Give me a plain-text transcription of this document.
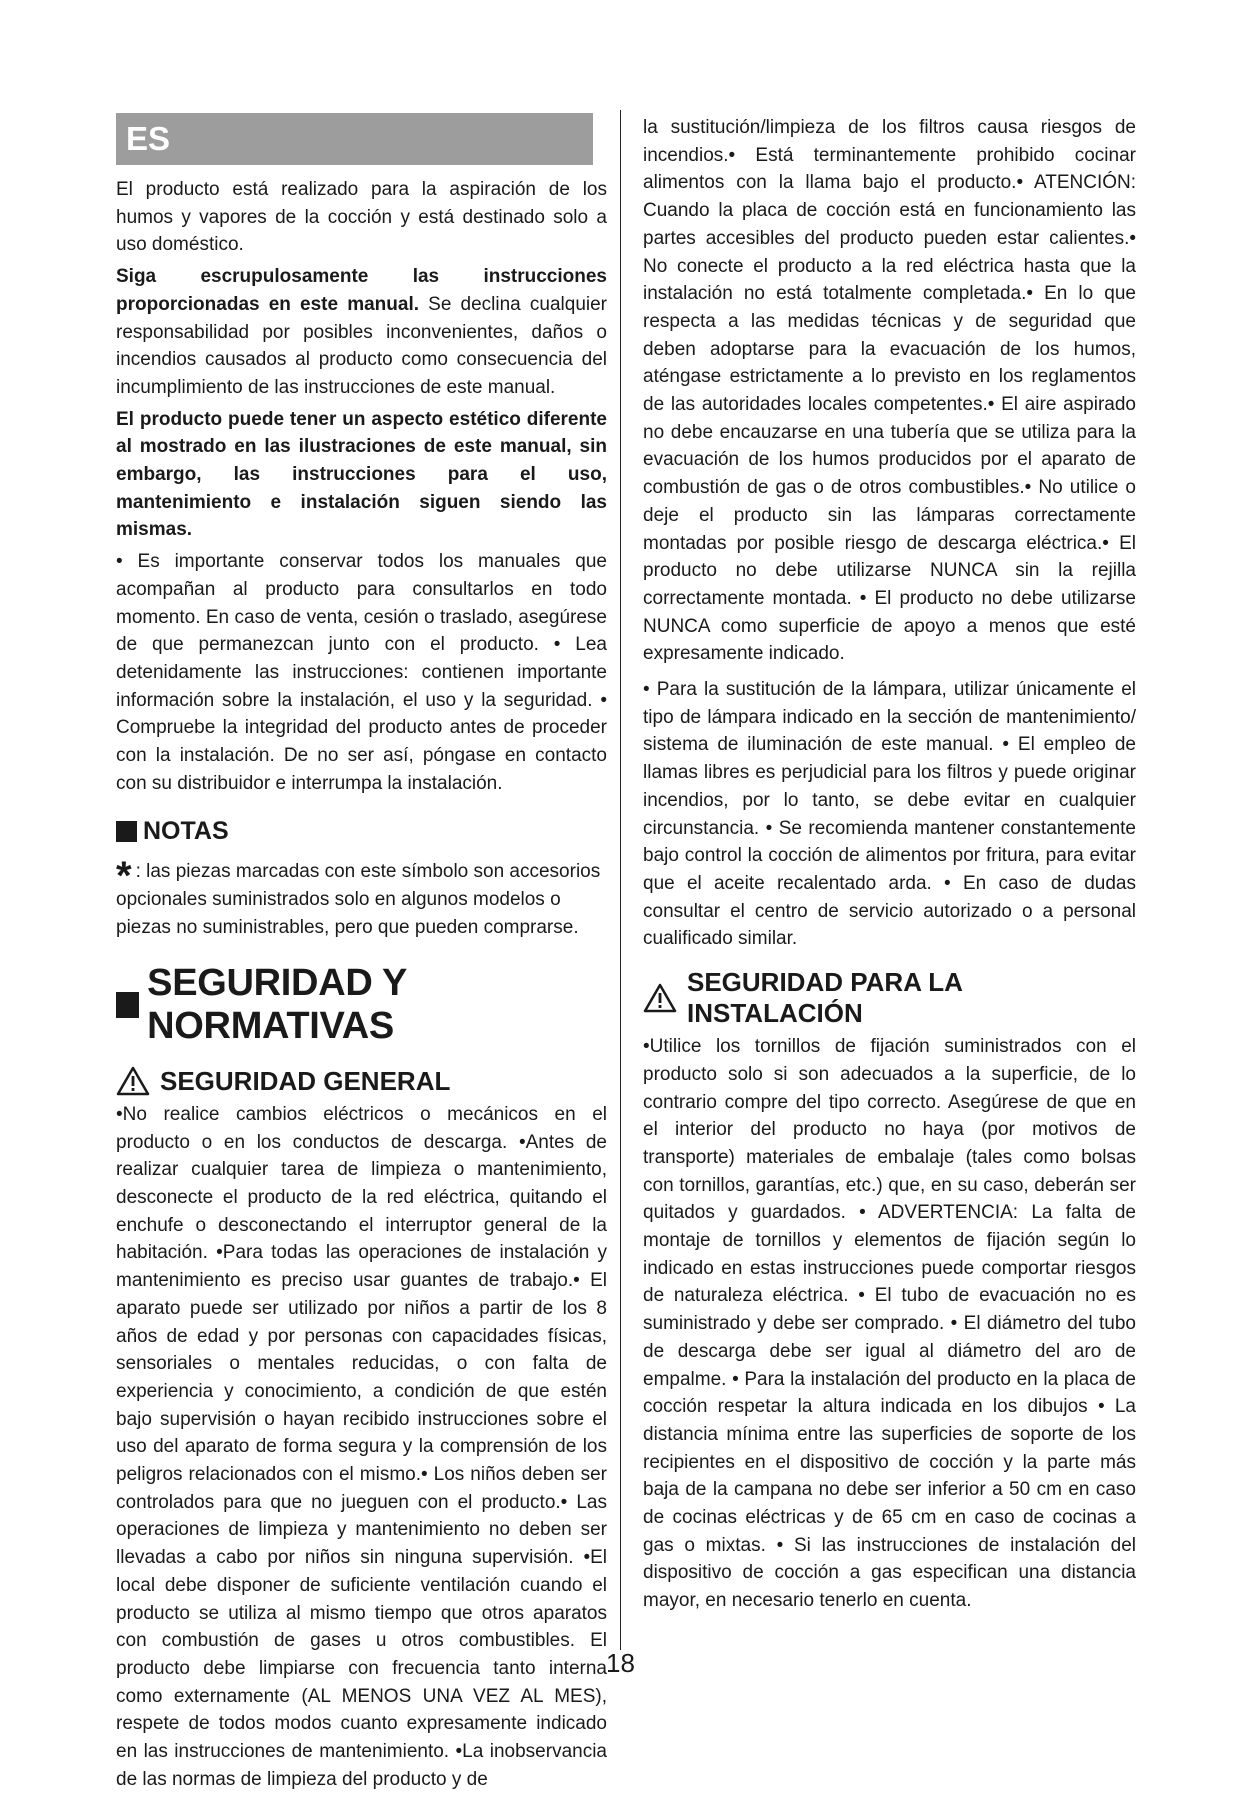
ES

El producto está realizado para la aspiración de los humos y vapores de la cocción y está destinado solo a uso doméstico.

Siga escrupulosamente las instrucciones proporcionadas en este manual. Se declina cualquier responsabilidad por posibles inconvenientes, daños o incendios causados al producto como consecuencia del incumplimiento de las instrucciones de este manual.

El producto puede tener un aspecto estético diferente al mostrado en las ilustraciones de este manual, sin embargo, las instrucciones para el uso, mantenimiento e instalación siguen siendo las mismas.

• Es importante conservar todos los manuales que acompañan al producto para consultarlos en todo momento. En caso de venta, cesión o traslado, asegúrese de que permanezcan junto con el producto. • Lea detenidamente las instrucciones: contienen importante información sobre la instalación, el uso y la seguridad. • Compruebe la integridad del producto antes de proceder con la instalación. De no ser así, póngase en contacto con su distribuidor e interrumpa la instalación.

NOTAS

* : las piezas marcadas con este símbolo son accesorios opcionales suministrados solo en algunos modelos o piezas no suministrables, pero que pueden comprarse.

SEGURIDAD Y NORMATIVAS
SEGURIDAD GENERAL

•No realice cambios eléctricos o mecánicos en el producto o en los conductos de descarga. •Antes de realizar cualquier tarea de limpieza o mantenimiento, desconecte el producto de la red eléctrica, quitando el enchufe o desconectando el interruptor general de la habitación. •Para todas las operaciones de instalación y mantenimiento es preciso usar guantes de trabajo.• El aparato puede ser utilizado por niños a partir de los 8 años de edad y por personas con capacidades físicas, sensoriales o mentales reducidas, o con falta de experiencia y conocimiento, a condición de que estén bajo supervisión o hayan recibido instrucciones sobre el uso del aparato de forma segura y la comprensión de los peligros relacionados con el mismo.• Los niños deben ser controlados para que no jueguen con el producto.• Las operaciones de limpieza y mantenimiento no deben ser llevadas a cabo por niños sin ninguna supervisión. •El local debe disponer de suficiente ventilación cuando el producto se utiliza al mismo tiempo que otros aparatos con combustión de gases u otros combustibles. El producto debe limpiarse con frecuencia tanto interna como externamente (AL MENOS UNA VEZ AL MES), respete de todos modos cuanto expresamente indicado en las instrucciones de mantenimiento. •La inobservancia de las normas de limpieza del producto y de

la sustitución/limpieza de los filtros causa riesgos de incendios.• Está terminantemente prohibido cocinar alimentos con la llama bajo el producto.• ATENCIÓN: Cuando la placa de cocción está en funcionamiento las partes accesibles del producto pueden estar calientes.• No conecte el producto a la red eléctrica hasta que la instalación no está totalmente completada.• En lo que respecta a las medidas técnicas y de seguridad que deben adoptarse para la evacuación de los humos, aténgase estrictamente a lo previsto en los reglamentos de las autoridades locales competentes.• El aire aspirado no debe encauzarse en una tubería que se utiliza para la evacuación de los humos producidos por el aparato de combustión de gas o de otros combustibles.• No utilice o deje el producto sin las lámparas correctamente montadas por posible riesgo de descarga eléctrica.• El producto no debe utilizarse NUNCA sin la rejilla correctamente montada. • El producto no debe utilizarse NUNCA como superficie de apoyo a menos que esté expresamente indicado.

• Para la sustitución de la lámpara, utilizar únicamente el tipo de lámpara indicado en la sección de mantenimiento/ sistema de iluminación de este manual. • El empleo de llamas libres es perjudicial para los filtros y puede originar incendios, por lo tanto, se debe evitar en cualquier circunstancia. • Se recomienda mantener constantemente bajo control la cocción de alimentos por fritura, para evitar que el aceite recalentado arda. • En caso de dudas consultar el centro de servicio autorizado o a personal cualificado similar.

SEGURIDAD PARA LA INSTALACIÓN

•Utilice los tornillos de fijación suministrados con el producto solo si son adecuados a la superficie, de lo contrario compre del tipo correcto. Asegúrese de que en el interior del producto no haya (por motivos de transporte) materiales de embalaje (tales como bolsas con tornillos, garantías, etc.) que, en su caso, deberán ser quitados y guardados. • ADVERTENCIA: La falta de montaje de tornillos y elementos de fijación según lo indicado en estas instrucciones puede comportar riesgos de naturaleza eléctrica. • El tubo de evacuación no es suministrado y debe ser comprado. • El diámetro del tubo de descarga debe ser igual al diámetro del aro de empalme. • Para la instalación del producto en la placa de cocción respetar la altura indicada en los dibujos • La distancia mínima entre las superficies de soporte de los recipientes en el dispositivo de cocción y la parte más baja de la campana no debe ser inferior a 50 cm en caso de cocinas eléctricas y de 65 cm en caso de cocinas a gas o mixtas. • Si las instrucciones de instalación del dispositivo de cocción a gas especifican una distancia mayor, en necesario tenerlo en cuenta.

18
